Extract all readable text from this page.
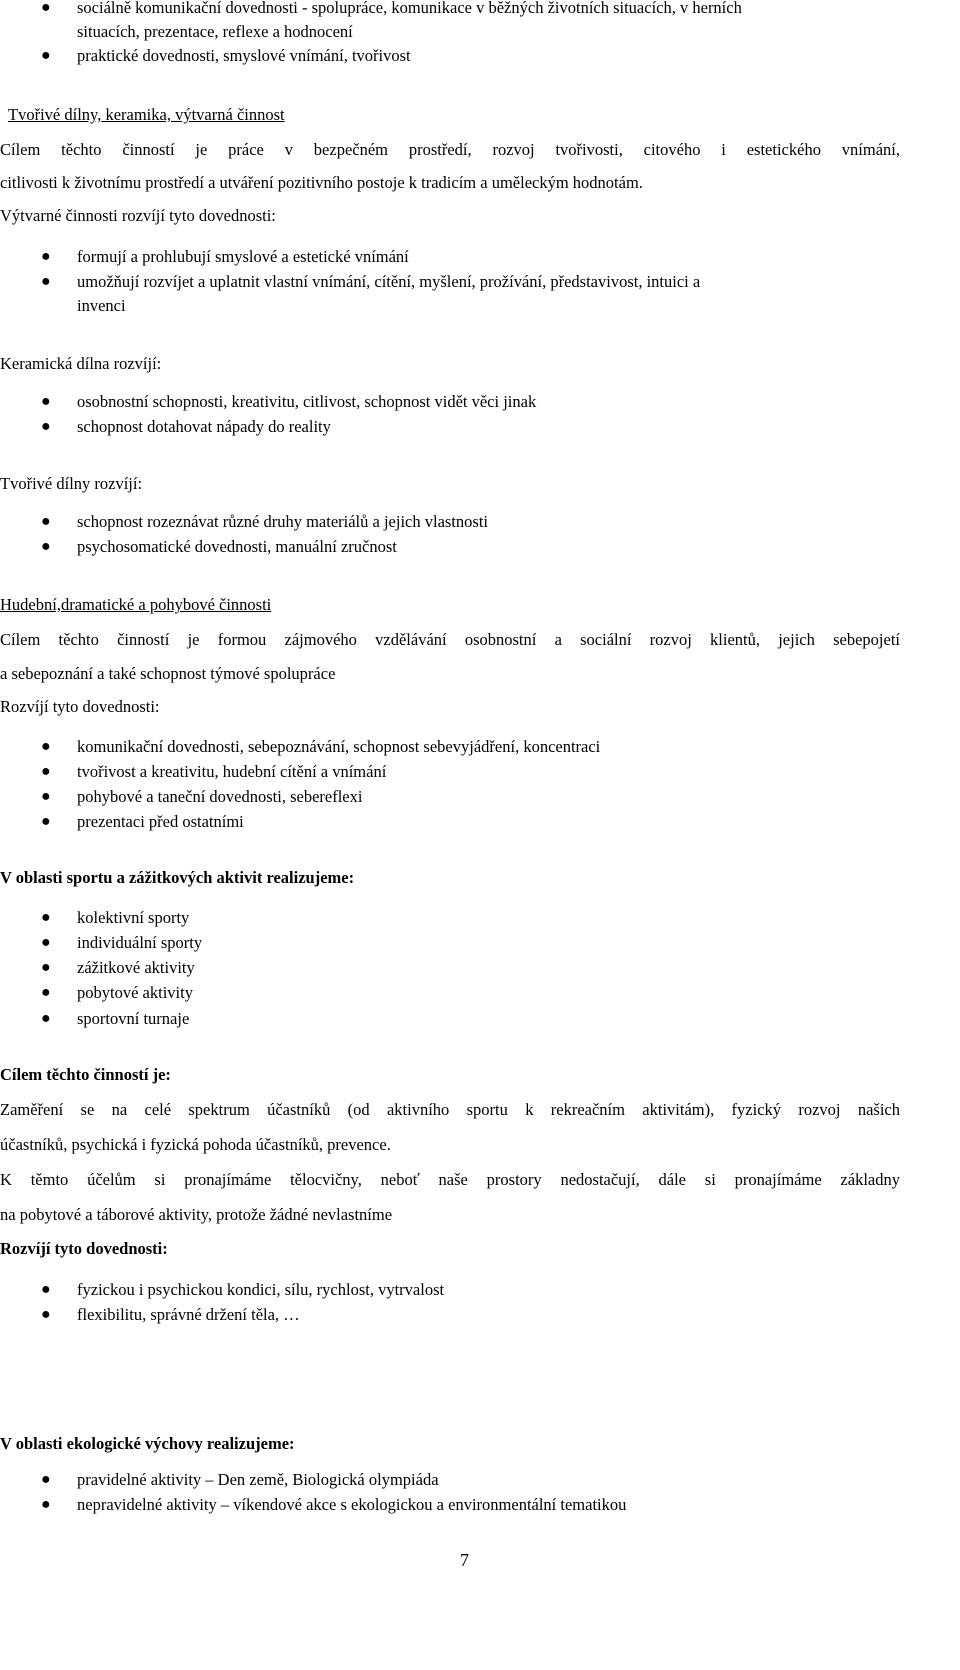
● sociálně komunikační dovednosti - spolupráce, komunikace v běžných životních situacích, v herních
situacích, prezentace, reflexe a hodnocení
● praktické dovednosti, smyslové vnímání, tvořivost
Tvořivé dílny, keramika, výtvarná činnost
Cílem těchto činností je práce v bezpečném prostředí, rozvoj tvořivosti, citového i estetického vnímání,
citlivosti k životnímu prostředí a utváření pozitivního postoje k tradicím a uměleckým hodnotám.
Výtvarné činnosti rozvíjí tyto dovednosti:
● formují a prohlubují smyslové a estetické vnímání
● umožňují rozvíjet a uplatnit vlastní vnímání, cítění, myšlení, prožívání, představivost, intuici a
invenci
Keramická dílna rozvíjí:
● osobnostní schopnosti, kreativitu, citlivost, schopnost vidět věci jinak
● schopnost dotahovat nápady do reality
Tvořivé dílny rozvíjí:
● schopnost rozeznávat různé druhy materiálů a jejich vlastnosti
● psychosomatické dovednosti, manuální zručnost
Hudební,dramatické a pohybové činnosti
Cílem těchto činností je formou zájmového vzdělávání osobnostní a sociální rozvoj klientů, jejich sebepojetí
a sebepoznání a také schopnost týmové spolupráce
Rozvíjí tyto dovednosti:
● komunikační dovednosti, sebepoznávání, schopnost sebevyjádření, koncentraci
● tvořivost a kreativitu, hudební cítění a vnímání
● pohybové a taneční dovednosti, sebereflexi
● prezentaci před ostatními
V oblasti sportu a zážitkových aktivit realizujeme:
● kolektivní sporty
● individuální sporty
● zážitkové aktivity
● pobytové aktivity
● sportovní turnaje
Cílem těchto činností je:
Zaměření se na celé spektrum účastníků (od aktivního sportu k rekreačním aktivitám), fyzický rozvoj našich
účastníků, psychická i fyzická pohoda účastníků, prevence.
K těmto účelům si pronajímáme tělocvičny, neboť naše prostory nedostačují, dále si pronajímáme základny
na pobytové a táborové aktivity, protože žádné nevlastníme
Rozvíjí tyto dovednosti:
● fyzickou i psychickou kondici, sílu, rychlost, vytrvalost
● flexibilitu, správné držení těla, …
V oblasti ekologické výchovy realizujeme:
● pravidelné aktivity – Den země, Biologická olympiáda
● nepravidelné aktivity – víkendové akce s ekologickou a environmentální tematikou
7
